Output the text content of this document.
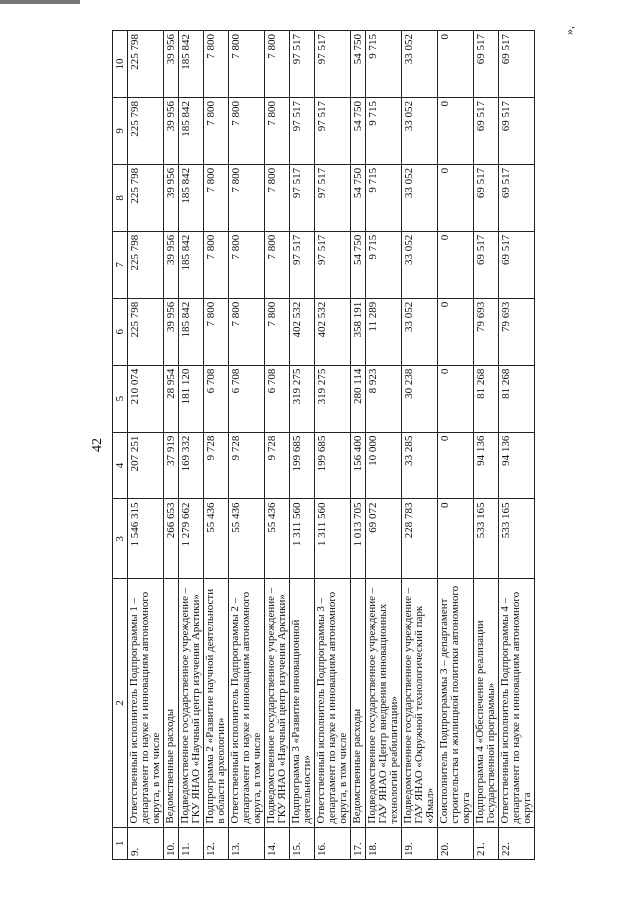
42
1	2	3	4	5	6	7	8	9	10
9.	Ответственный исполнитель Подпрограммы 1 – департамент по науке и инновациям автономного округа, в том числе	1 546 315	207 251	210 074	225 798	225 798	225 798	225 798	225 798
10.	Ведомственные расходы	266 653	37 919	28 954	39 956	39 956	39 956	39 956	39 956
11.	Подведомственное государственное учреждение – ГКУ ЯНАО «Научный центр изучения Арктики»	1 279 662	169 332	181 120	185 842	185 842	185 842	185 842	185 842
12.	Подпрограмма 2 «Развитие научной деятельности в области археологии»	55 436	9 728	6 708	7 800	7 800	7 800	7 800	7 800
13.	Ответственный исполнитель Подпрограммы 2 – департамент по науке и инновациям автономного округа, в том числе	55 436	9 728	6 708	7 800	7 800	7 800	7 800	7 800
14.	Подведомственное государственное учреждение – ГКУ ЯНАО «Научный центр изучения Арктики»	55 436	9 728	6 708	7 800	7 800	7 800	7 800	7 800
15.	Подпрограмма 3 «Развитие инновационной деятельности»	1 311 560	199 685	319 275	402 532	97 517	97 517	97 517	97 517
16.	Ответственный исполнитель Подпрограммы 3 – департамент по науке и инновациям автономного округа, в том числе	1 311 560	199 685	319 275	402 532	97 517	97 517	97 517	97 517
17.	Ведомственные расходы	1 013 705	156 400	280 114	358 191	54 750	54 750	54 750	54 750
18.	Подведомственное государственное учреждение – ГАУ ЯНАО «Центр внедрения инновационных технологий реабилитации»	69 072	10 000	8 923	11 289	9 715	9 715	9 715	9 715
19.	Подведомственное государственное учреждение – ГАУ ЯНАО «Окружной технологический парк «Ямал»	228 783	33 285	30 238	33 052	33 052	33 052	33 052	33 052
20.	Соисполнитель Подпрограммы 3 – департамент строительства и жилищной политики автономного округа	0	0	0	0	0	0	0	0
21.	Подпрограмма 4 «Обеспечение реализации Государственной программы»	533 165	94 136	81 268	79 693	69 517	69 517	69 517	69 517
22.	Ответственный исполнитель Подпрограммы 4 – департамент по науке и инновациям автономного округа	533 165	94 136	81 268	79 693	69 517	69 517	69 517	69 517
»,
